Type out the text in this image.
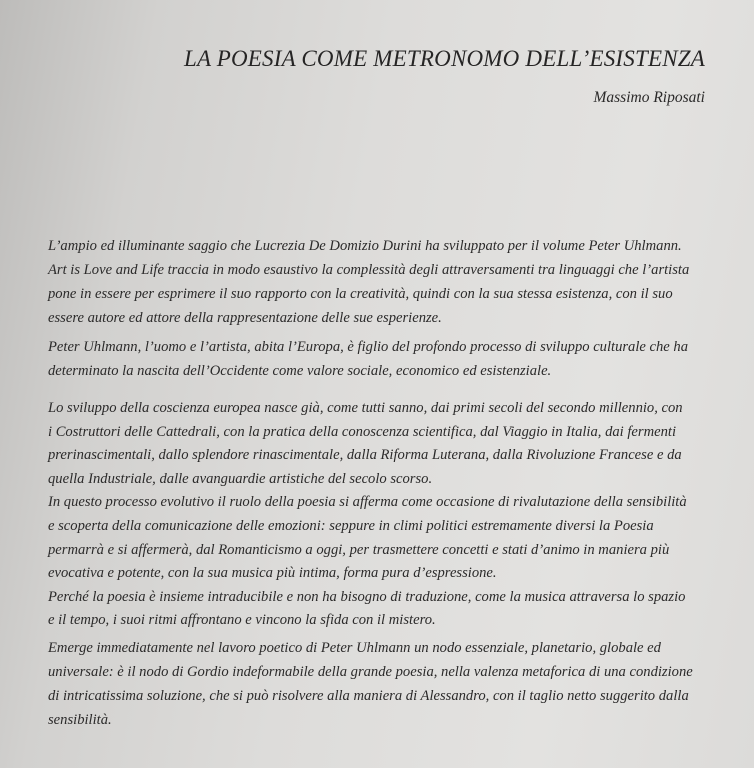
LA POESIA COME METRONOMO DELL’ESISTENZA
Massimo Riposati
L’ampio ed illuminante saggio che Lucrezia De Domizio Durini ha sviluppato per il volume Peter Uhlmann.
Art is Love and Life traccia in modo esaustivo la complessità degli attraversamenti tra linguaggi che l’artista
pone in essere per esprimere il suo rapporto con la creatività, quindi con la sua stessa esistenza, con il suo
essere autore ed attore della rappresentazione delle sue esperienze.
Peter Uhlmann, l’uomo e l’artista, abita l’Europa, è figlio del profondo processo di sviluppo culturale che ha
determinato la nascita dell’Occidente come valore sociale, economico ed esistenziale.
Lo sviluppo della coscienza europea nasce già, come tutti sanno, dai primi secoli del secondo millennio, con
i Costruttori delle Cattedrali, con la pratica della conoscenza scientifica, dal Viaggio in Italia, dai fermenti
prerinascimentali, dallo splendore rinascimentale, dalla Riforma Luterana, dalla Rivoluzione Francese e da
quella Industriale, dalle avanguardie artistiche del secolo scorso.
In questo processo evolutivo il ruolo della poesia si afferma come occasione di rivalutazione della sensibilità
e scoperta della comunicazione delle emozioni: seppure in climi politici estremamente diversi la Poesia
permarrà e si affermerà, dal Romanticismo a oggi, per trasmettere concetti e stati d’animo in maniera più
evocativa e potente, con la sua musica più intima, forma pura d’espressione.
Perché la poesia è insieme intraducibile e non ha bisogno di traduzione, come la musica attraversa lo spazio
e il tempo, i suoi ritmi affrontano e vincono la sfida con il mistero.
Emerge immediatamente nel lavoro poetico di Peter Uhlmann un nodo essenziale, planetario, globale ed
universale: è il nodo di Gordio indeformabile della grande poesia, nella valenza metaforica di una condizione
di intricatissima soluzione, che si può risolvere alla maniera di Alessandro, con il taglio netto suggerito dalla
sensibilità.
